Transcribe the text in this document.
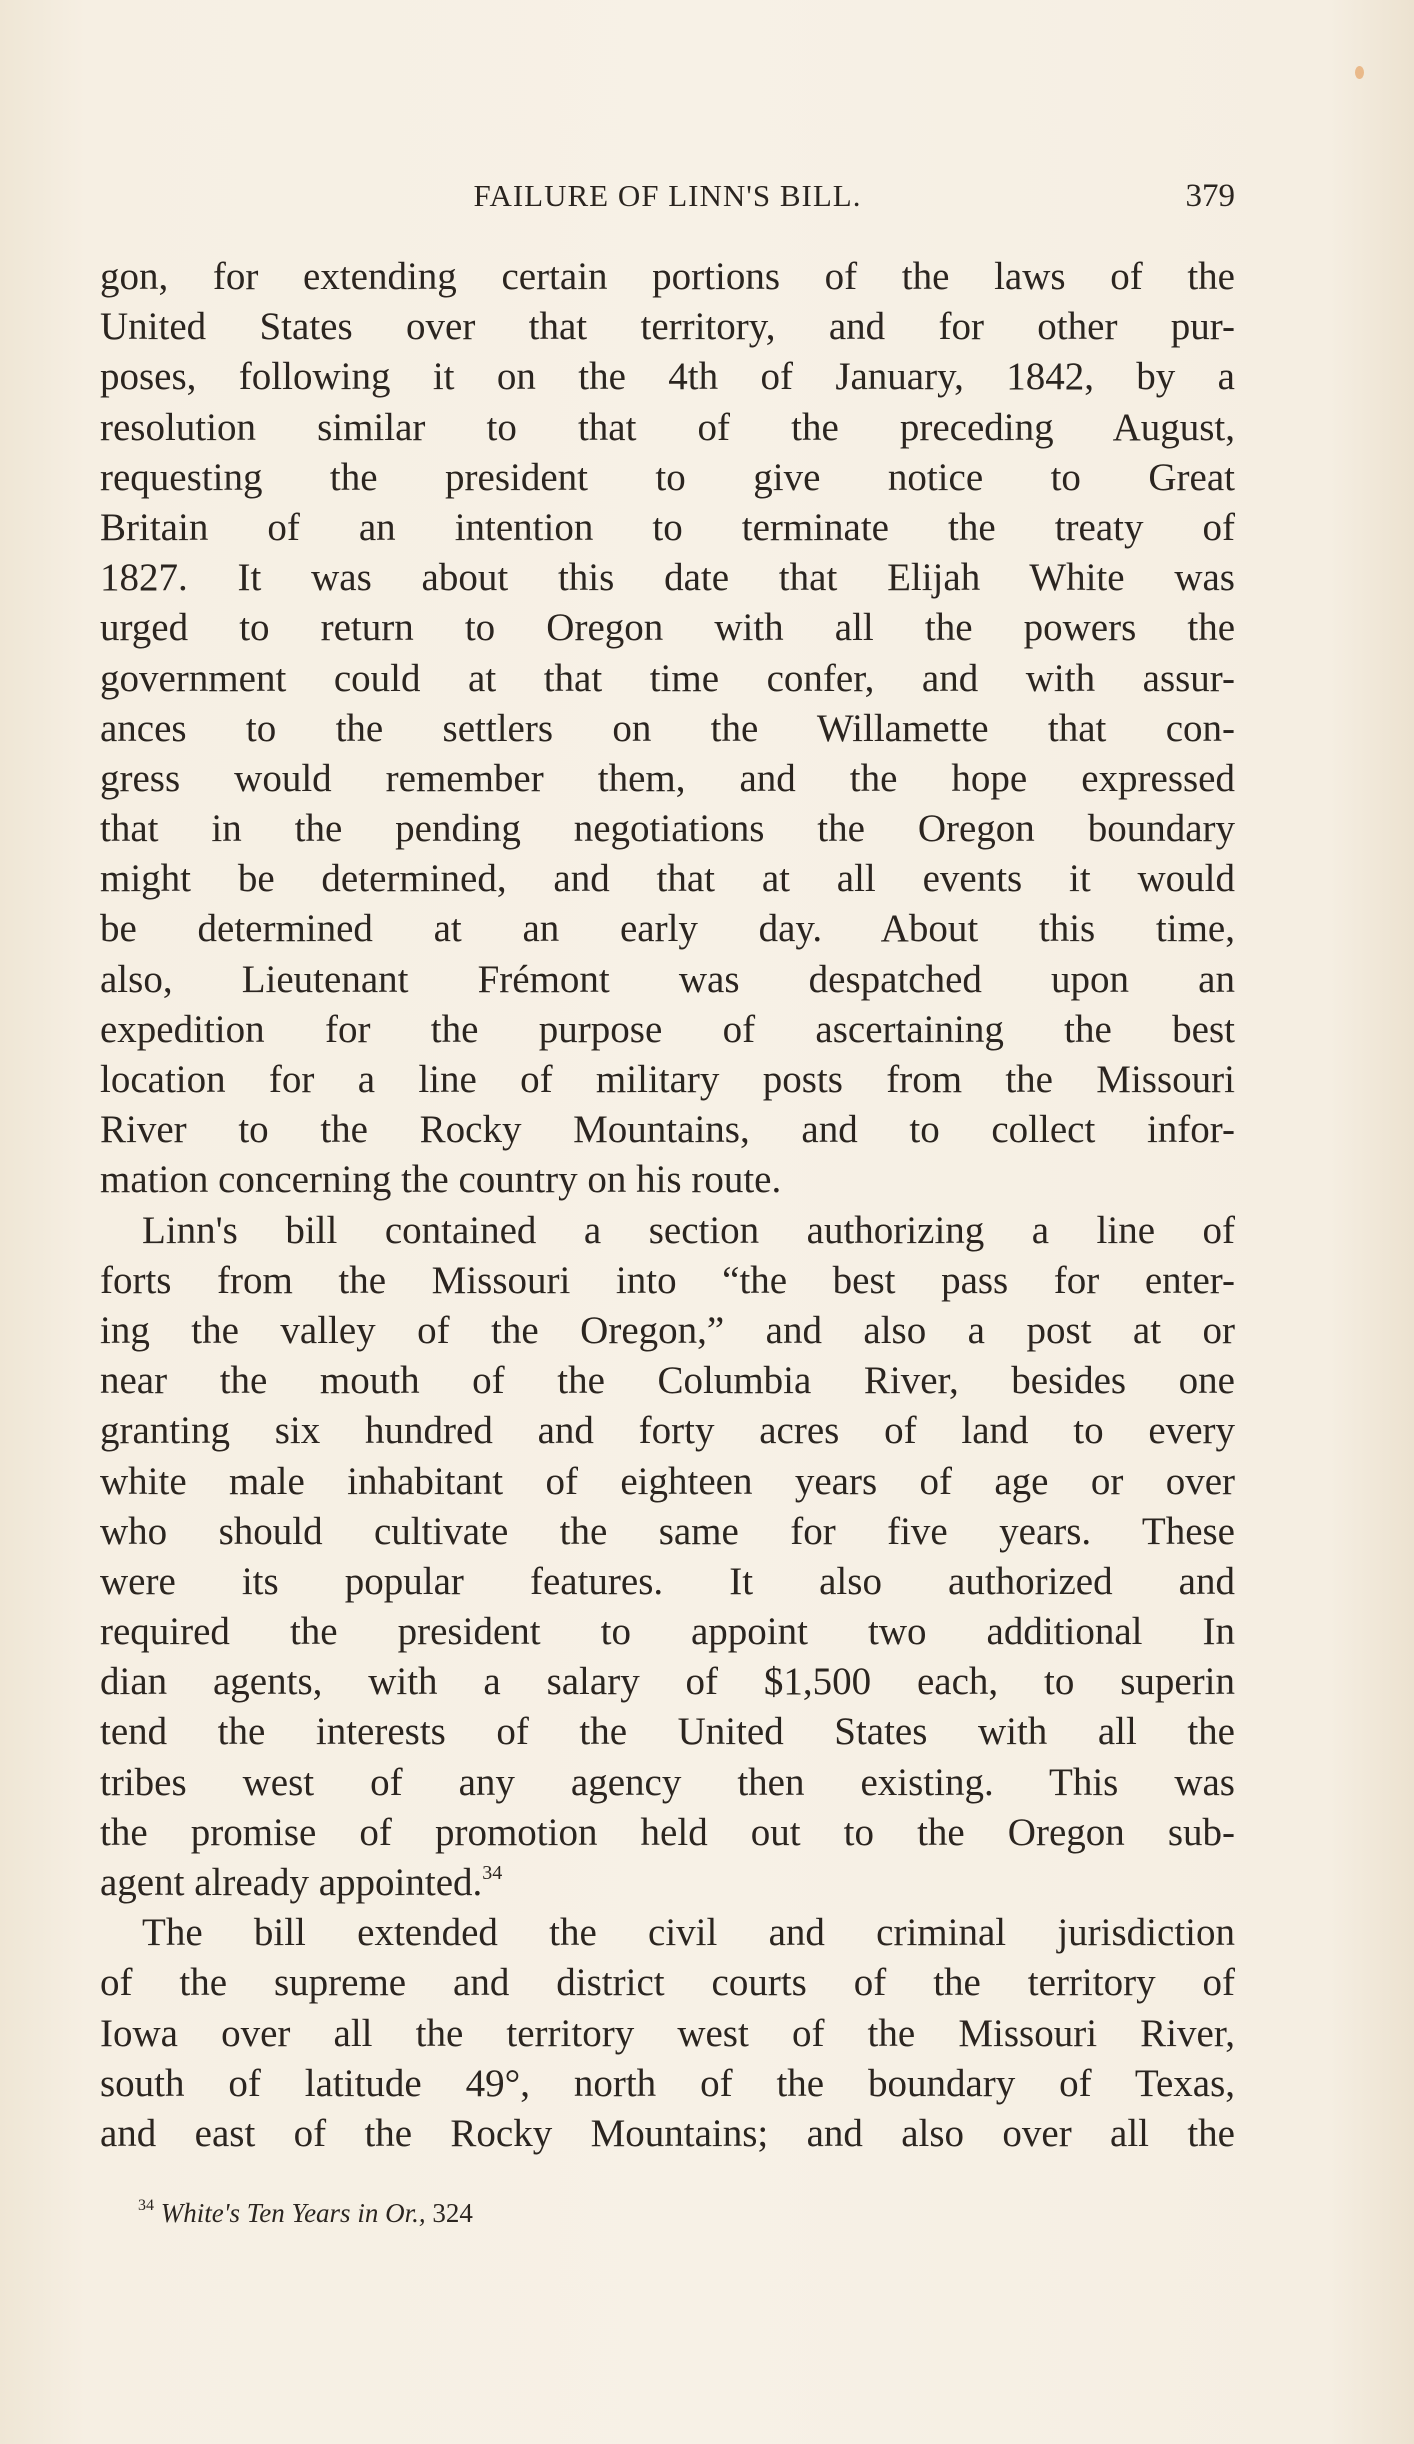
FAILURE OF LINN'S BILL.	379
gon, for extending certain portions of the laws of the
United States over that territory, and for other pur-
poses, following it on the 4th of January, 1842, by a
resolution similar to that of the preceding August,
requesting the president to give notice to Great
Britain of an intention to terminate the treaty of
1827. It was about this date that Elijah White was
urged to return to Oregon with all the powers the
government could at that time confer, and with assur-
ances to the settlers on the Willamette that con-
gress would remember them, and the hope expressed
that in the pending negotiations the Oregon boundary
might be determined, and that at all events it would
be determined at an early day. About this time,
also, Lieutenant Frémont was despatched upon an
expedition for the purpose of ascertaining the best
location for a line of military posts from the Missouri
River to the Rocky Mountains, and to collect infor-
mation concerning the country on his route.
Linn's bill contained a section authorizing a line of
forts from the Missouri into “the best pass for enter-
ing the valley of the Oregon,” and also a post at or
near the mouth of the Columbia River, besides one
granting six hundred and forty acres of land to every
white male inhabitant of eighteen years of age or over
who should cultivate the same for five years. These
were its popular features. It also authorized and
required the president to appoint two additional In
dian agents, with a salary of $1,500 each, to superin
tend the interests of the United States with all the
tribes west of any agency then existing. This was
the promise of promotion held out to the Oregon sub-
agent already appointed.$^{34}$
The bill extended the civil and criminal jurisdiction
of the supreme and district courts of the territory of
Iowa over all the territory west of the Missouri River,
south of latitude 49°, north of the boundary of Texas,
and east of the Rocky Mountains; and also over all the
$^{34}$ White's Ten Years in Or., 324
